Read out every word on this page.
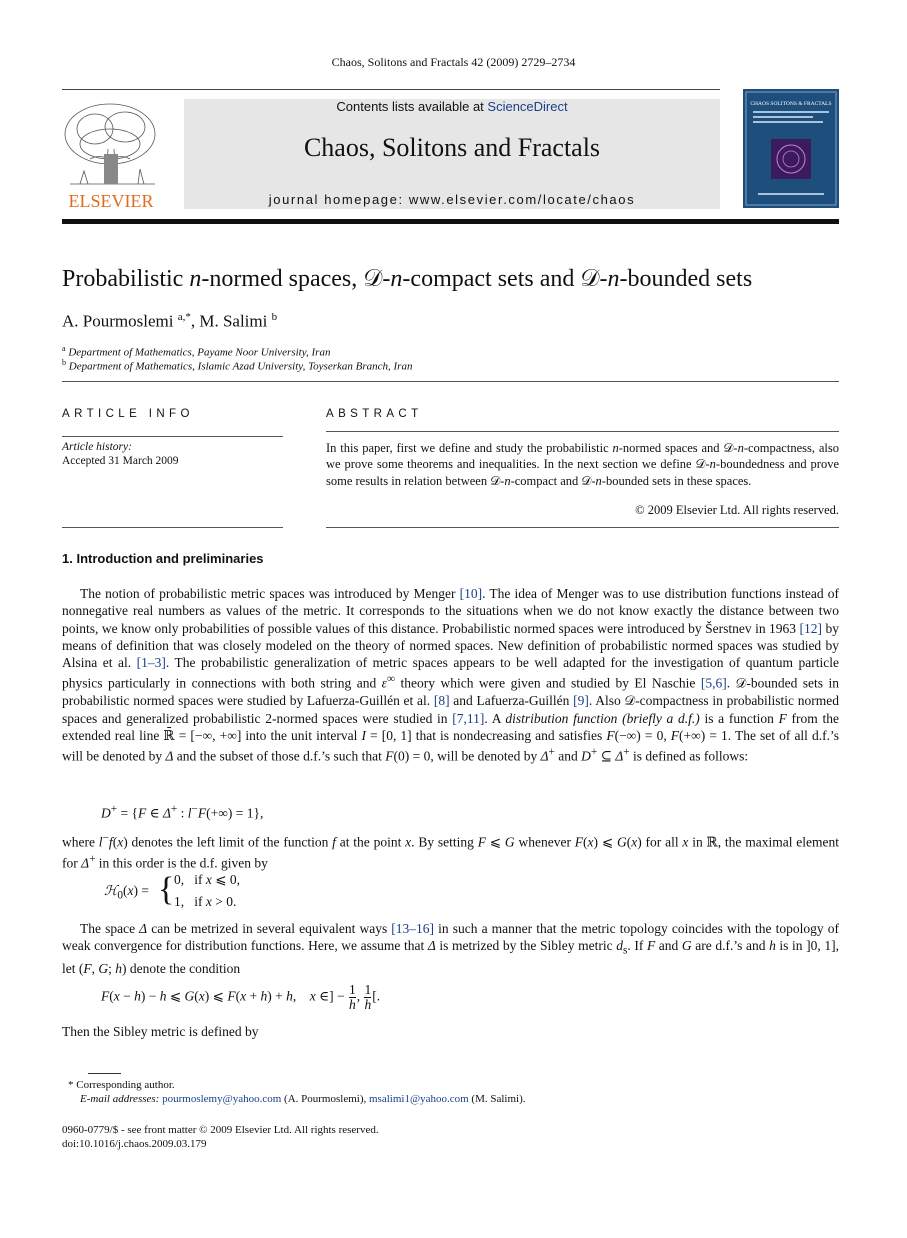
Chaos, Solitons and Fractals 42 (2009) 2729–2734
ELSEVIER
Contents lists available at ScienceDirect
Chaos, Solitons and Fractals
journal homepage: www.elsevier.com/locate/chaos
CHAOS SOLITONS & FRACTALS
Probabilistic n-normed spaces, 𝒟-n-compact sets and 𝒟-n-bounded sets
A. Pourmoslemi $^{a,*}$, M. Salimi $^b$
$^a$ Department of Mathematics, Payame Noor University, Iran
$^b$ Department of Mathematics, Islamic Azad University, Toyserkan Branch, Iran
ARTICLE INFO
Article history:
Accepted 31 March 2009
ABSTRACT
In this paper, first we define and study the probabilistic n-normed spaces and 𝒟-n-compactness, also we prove some theorems and inequalities. In the next section we define 𝒟-n-boundedness and prove some results in relation between 𝒟-n-compact and 𝒟-n-bounded sets in these spaces.
© 2009 Elsevier Ltd. All rights reserved.
1. Introduction and preliminaries

The notion of probabilistic metric spaces was introduced by Menger [10]. The idea of Menger was to use distribution functions instead of nonnegative real numbers as values of the metric. It corresponds to the situations when we do not know exactly the distance between two points, we know only probabilities of possible values of this distance. Probabilistic normed spaces were introduced by Šerstnev in 1963 [12] by means of definition that was closely modeled on the theory of normed spaces. New definition of probabilistic normed spaces was studied by Alsina et al. [1–3]. The probabilistic generalization of metric spaces appears to be well adapted for the investigation of quantum particle physics particularly in connections with both string and ε∞ theory which were given and studied by El Naschie [5,6]. 𝒟-bounded sets in probabilistic normed spaces were studied by Lafuerza-Guillén et al. [8] and Lafuerza-Guillén [9]. Also 𝒟-compactness in probabilistic normed spaces and generalized probabilistic 2-normed spaces were studied in [7,11]. A distribution function (briefly a d.f.) is a function F from the extended real line ℝ̄ = [−∞, +∞] into the unit interval I = [0, 1] that is nondecreasing and satisfies F(−∞) = 0, F(+∞) = 1. The set of all d.f.’s will be denoted by Δ and the subset of those d.f.’s such that F(0) = 0, will be denoted by Δ+ and D+ ⊆ Δ+ is defined as follows:

D+ = {F ∈ Δ+ : l−F(+∞) = 1},

where l−f(x) denotes the left limit of the function f at the point x. By setting F ⩽ G whenever F(x) ⩽ G(x) for all x in ℝ, the maximal element for Δ+ in this order is the d.f. given by

ℋ$_0$(x) = { 0,   if x ⩽ 0,
1,   if x > 0.

The space Δ can be metrized in several equivalent ways [13–16] in such a manner that the metric topology coincides with the topology of weak convergence for distribution functions. Here, we assume that Δ is metrized by the Sibley metric $d_s$. If F and G are d.f.’s and h is in ]0, 1], let (F, G; h) denote the condition

F(x − h) − h ⩽ G(x) ⩽ F(x + h) + h,    x ∈] − $\frac{1}{h}$ , $\frac{1}{h}$ [.

Then the Sibley metric is defined by

* Corresponding author.
E-mail addresses: pourmoslemy@yahoo.com (A. Pourmoslemi), msalimi1@yahoo.com (M. Salimi).
0960-0779/$ - see front matter © 2009 Elsevier Ltd. All rights reserved.
doi:10.1016/j.chaos.2009.03.179
